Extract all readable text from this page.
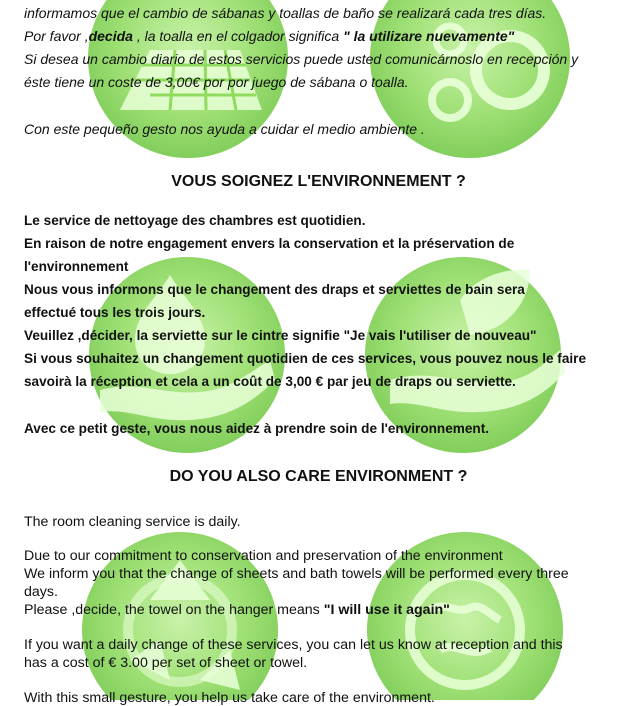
informamos que el cambio de sábanas y toallas de baño se realizará cada tres días.

Por favor ,decida , la toalla en el colgador significa " la utilizare nuevamente"

Si desea un cambio diario de estos servicios puede usted comunicárnoslo en recepción y

éste tiene un coste de 3,00€ por por juego de sábana o toalla.

Con este pequeño gesto nos ayuda a cuidar el medio ambiente .

VOUS SOIGNEZ L'ENVIRONNEMENT ?

Le service de nettoyage des chambres est quotidien.

En raison de notre engagement envers la conservation et la préservation de

l'environnement

Nous vous informons que le changement des draps et serviettes de bain sera

effectué tous les trois jours.

Veuillez ,décider, la serviette sur le cintre signifie "Je vais l'utiliser de nouveau"

Si vous souhaitez un changement quotidien de ces services, vous pouvez nous le faire

savoirà la réception et cela a un coût de 3,00 € par jeu de draps ou serviette.

Avec ce petit geste, vous nous aidez à prendre soin de l'environnement.

DO YOU ALSO CARE ENVIRONMENT ?

The room cleaning service is daily.

Due to our commitment to conservation and preservation of the environment

We inform you that the change of sheets and bath towels will be performed every three

days.

Please ,decide, the towel on the hanger means "I will use it again"

If you want a daily change of these services, you can let us know at reception and this

has a cost of € 3.00 per set of sheet or towel.

With this small gesture, you help us take care of the environment.
